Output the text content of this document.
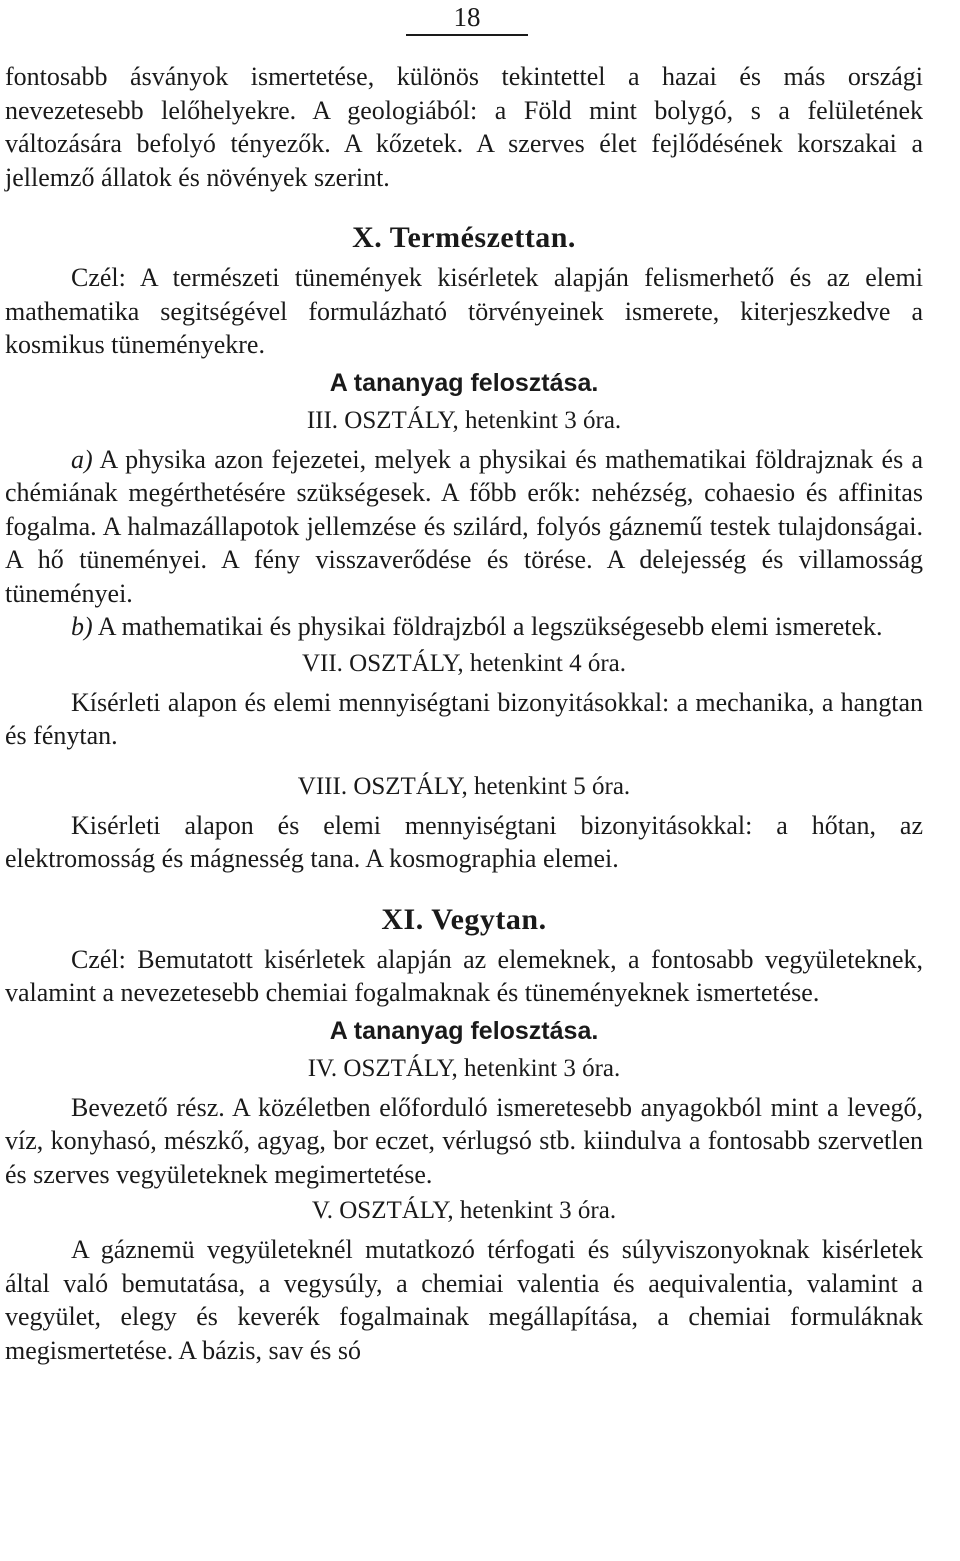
18

fontosabb ásványok ismertetése, különös tekintettel a hazai és más országi nevezetesebb lelőhelyekre. A geologiából: a Föld mint bolygó, s a felületének változására befolyó tényezők. A kőzetek. A szerves élet fejlődésének korszakai a jellemző állatok és növények szerint.

X. Természettan.

Czél: A természeti tünemények kisérletek alapján felismerhető és az elemi mathematika segitségével formulázható törvényeinek ismerete, kiterjeszkedve a kosmikus tüneményekre.

A tananyag felosztása.
III. OSZTÁLY, hetenkint 3 óra.

a) A physika azon fejezetei, melyek a physikai és mathematikai földrajznak és a chémiának megérthetésére szükségesek. A főbb erők: nehézség, cohaesio és affinitas fogalma. A halmazállapotok jellemzése és szilárd, folyós gáznemű testek tulajdonságai. A hő tüneményei. A fény visszaverődése és törése. A delejesség és villamosság tüneményei.

b) A mathematikai és physikai földrajzból a legszükségesebb elemi ismeretek.

VII. OSZTÁLY, hetenkint 4 óra.

Kísérleti alapon és elemi mennyiségtani bizonyitásokkal: a mechanika, a hangtan és fénytan.

VIII. OSZTÁLY, hetenkint 5 óra.

Kisérleti alapon és elemi mennyiségtani bizonyitásokkal: a hőtan, az elektromosság és mágnesség tana. A kosmographia elemei.

XI. Vegytan.

Czél: Bemutatott kisérletek alapján az elemeknek, a fontosabb vegyületeknek, valamint a nevezetesebb chemiai fogalmaknak és tüneményeknek ismertetése.

A tananyag felosztása.
IV. OSZTÁLY, hetenkint 3 óra.

Bevezető rész. A közéletben előforduló ismeretesebb anyagokból mint a levegő, víz, konyhasó, mészkő, agyag, bor eczet, vérlugsó stb. kiindulva a fontosabb szervetlen és szerves vegyületeknek megimertetése.

V. OSZTÁLY, hetenkint 3 óra.

A gáznemü vegyületeknél mutatkozó térfogati és súlyviszonyoknak kisérletek által való bemutatása, a vegysúly, a chemiai valentia és aequivalentia, valamint a vegyület, elegy és keverék fogalmainak megállapítása, a chemiai formuláknak megismertetése. A bázis, sav és só
